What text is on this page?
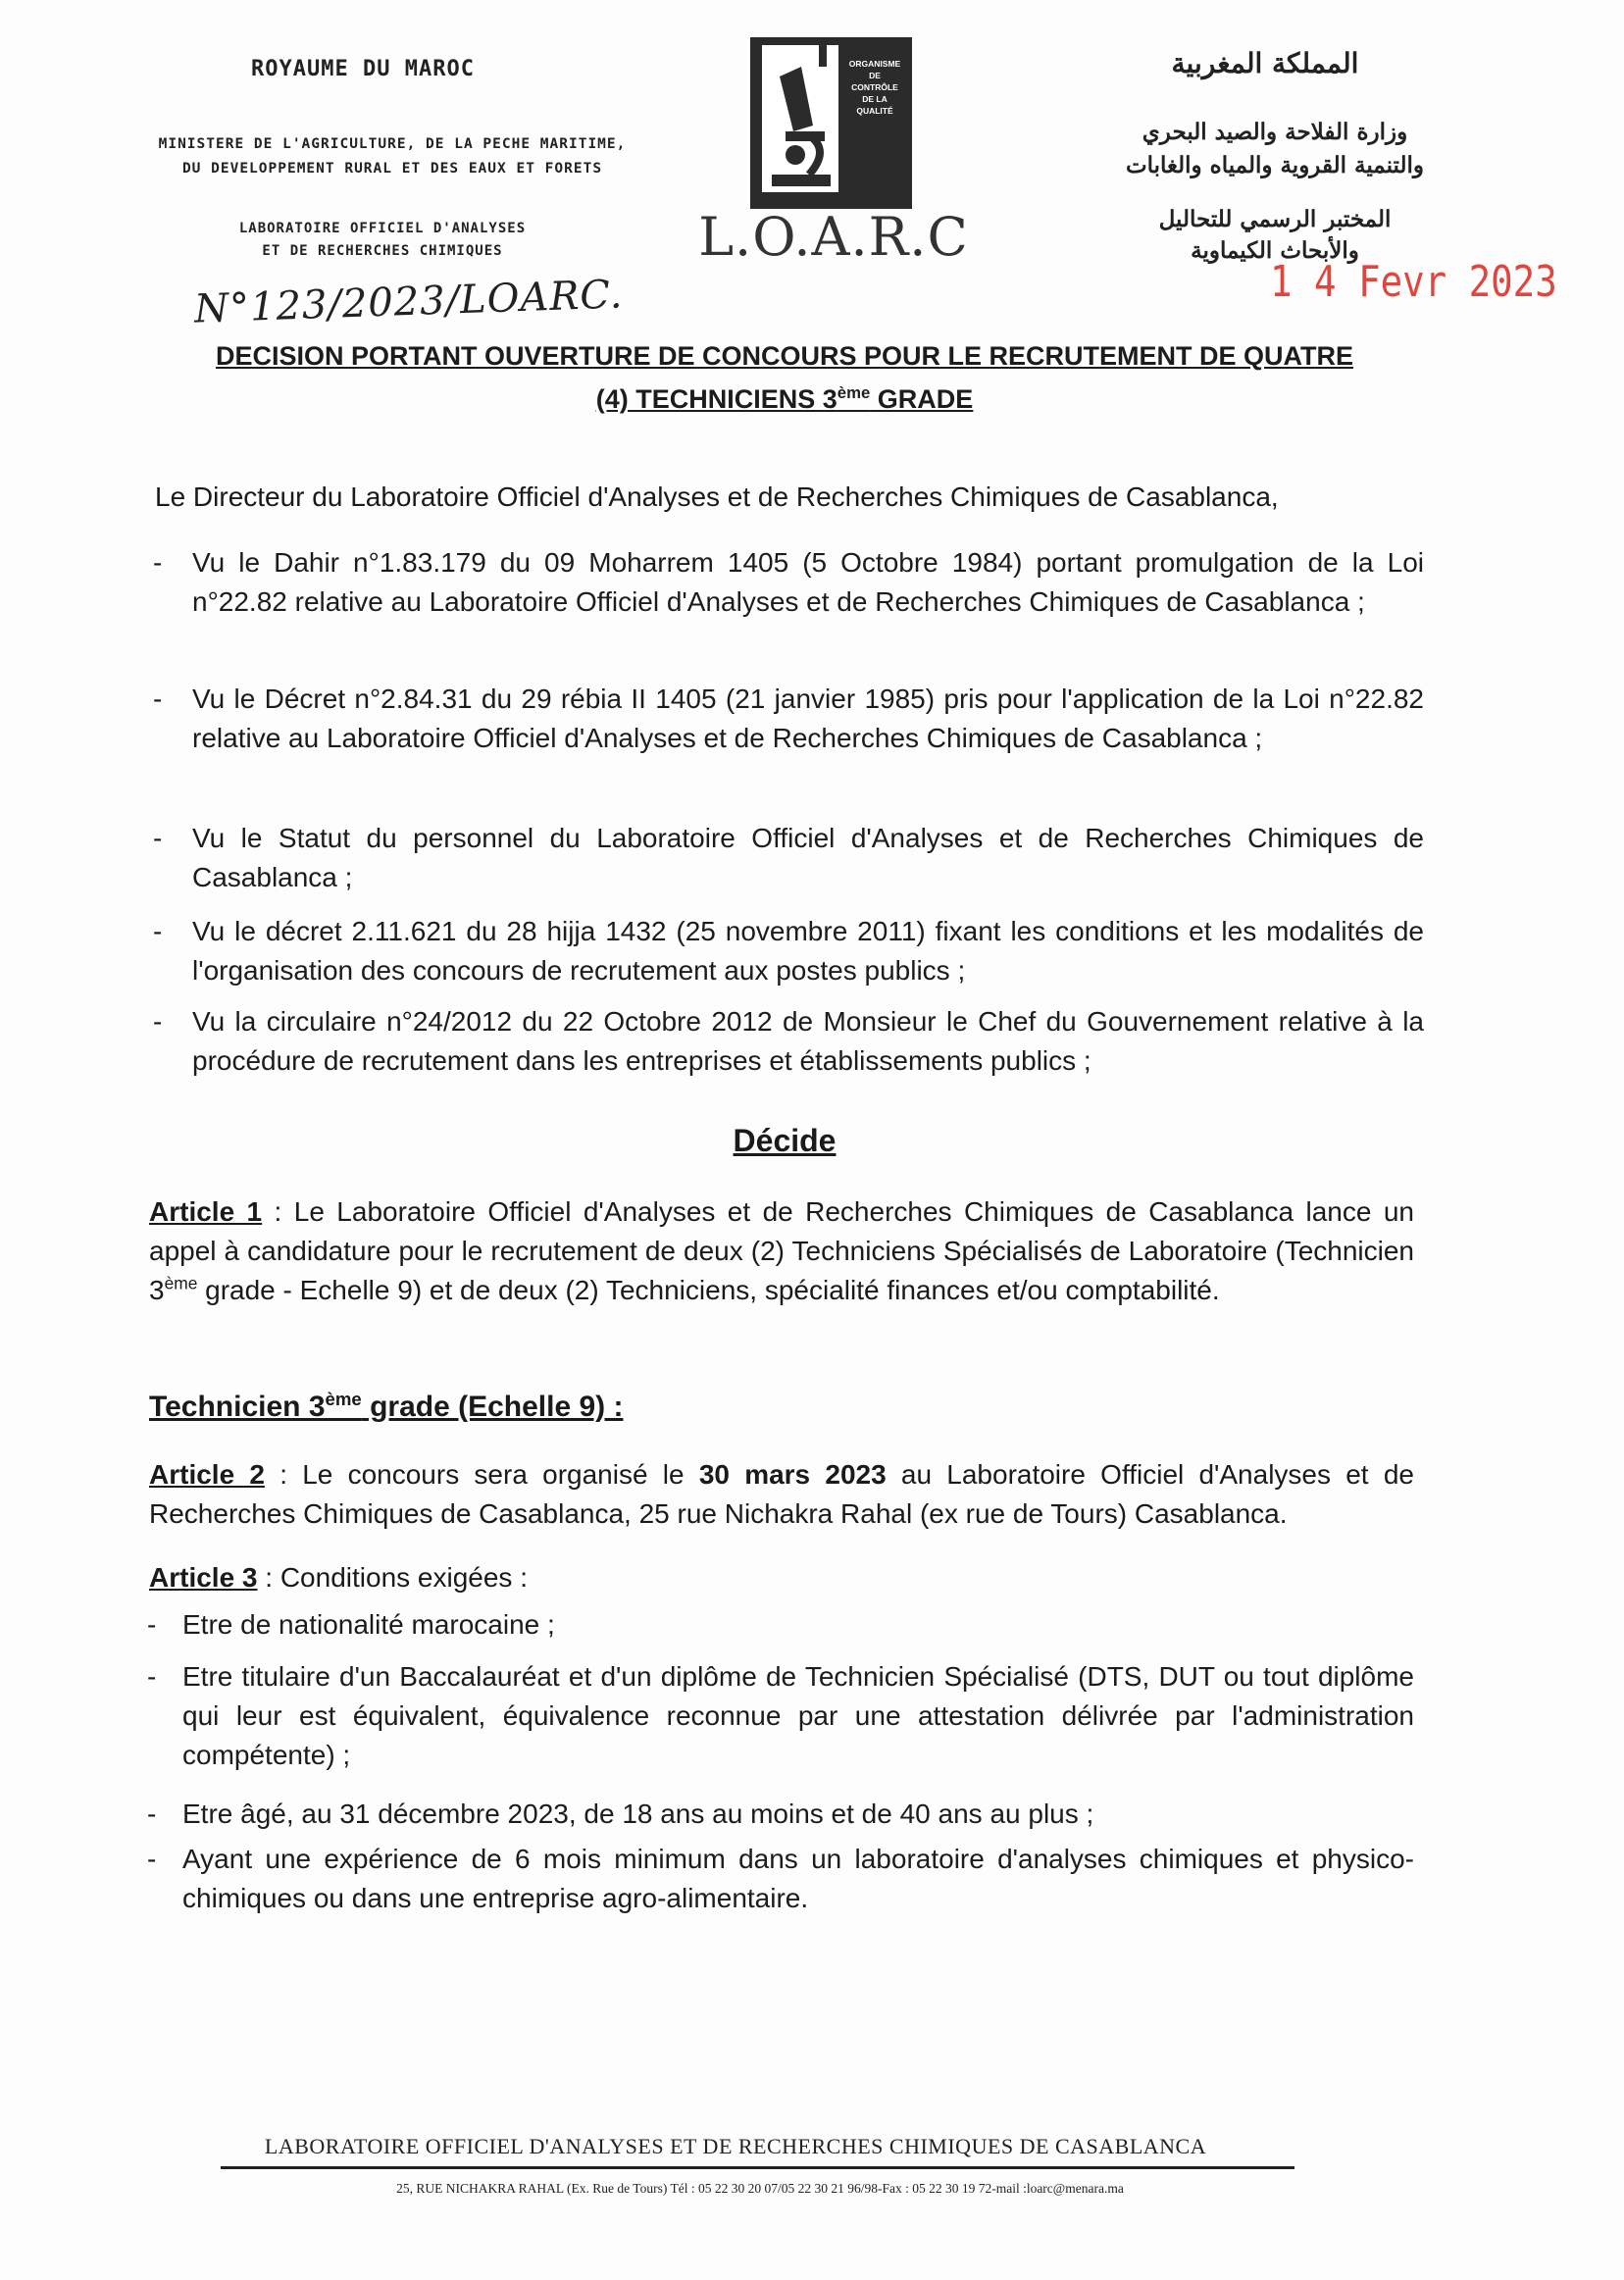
ROYAUME DU MAROC
MINISTERE DE L'AGRICULTURE, DE LA PECHE MARITIME,
DU DEVELOPPEMENT RURAL ET DES EAUX ET FORETS
LABORATOIRE OFFICIEL D'ANALYSES
ET DE RECHERCHES CHIMIQUES
ORGANISME
DE
CONTRÔLE
DE LA
QUALITÉ
L.O.A.R.C
المملكة المغربية
وزارة الفلاحة والصيد البحري
والتنمية القروية والمياه والغابات
المختبر الرسمي للتحاليل
والأبحاث الكيماوية
N°123/2023/LOARC.	1 4 Fevr 2023
DECISION PORTANT OUVERTURE DE CONCOURS POUR LE RECRUTEMENT DE QUATRE
(4) TECHNICIENS 3ème GRADE
Le Directeur du Laboratoire Officiel d'Analyses et de Recherches Chimiques de Casablanca,
- Vu le Dahir n°1.83.179 du 09 Moharrem 1405 (5 Octobre 1984) portant promulgation de la Loi n°22.82 relative au Laboratoire Officiel d'Analyses et de Recherches Chimiques de Casablanca ;
- Vu le Décret n°2.84.31 du 29 rébia II 1405 (21 janvier 1985) pris pour l'application de la Loi n°22.82 relative au Laboratoire Officiel d'Analyses et de Recherches Chimiques de Casablanca ;
- Vu le Statut du personnel du Laboratoire Officiel d'Analyses et de Recherches Chimiques de Casablanca ;
- Vu le décret 2.11.621 du 28 hijja 1432 (25 novembre 2011) fixant les conditions et les modalités de l'organisation des concours de recrutement aux postes publics ;
- Vu la circulaire n°24/2012 du 22 Octobre 2012 de Monsieur le Chef du Gouvernement relative à la procédure de recrutement dans les entreprises et établissements publics ;
Décide
Article 1 : Le Laboratoire Officiel d'Analyses et de Recherches Chimiques de Casablanca lance un appel à candidature pour le recrutement de deux (2) Techniciens Spécialisés de Laboratoire (Technicien 3ème grade - Echelle 9) et de deux (2) Techniciens, spécialité finances et/ou comptabilité.
Technicien 3ème grade (Echelle 9) :
Article 2 : Le concours sera organisé le 30 mars 2023 au Laboratoire Officiel d'Analyses et de Recherches Chimiques de Casablanca, 25 rue Nichakra Rahal (ex rue de Tours) Casablanca.
Article 3 : Conditions exigées :
- Etre de nationalité marocaine ;
- Etre titulaire d'un Baccalauréat et d'un diplôme de Technicien Spécialisé (DTS, DUT ou tout diplôme qui leur est équivalent, équivalence reconnue par une attestation délivrée par l'administration compétente) ;
- Etre âgé, au 31 décembre 2023, de 18 ans au moins et de 40 ans au plus ;
- Ayant une expérience de 6 mois minimum dans un laboratoire d'analyses chimiques et physico-chimiques ou dans une entreprise agro-alimentaire.
LABORATOIRE OFFICIEL D'ANALYSES ET DE RECHERCHES CHIMIQUES DE CASABLANCA
25, RUE NICHAKRA RAHAL (Ex. Rue de Tours) Tél : 05 22 30 20 07/05 22 30 21 96/98-Fax : 05 22 30 19 72-mail :loarc@menara.ma
